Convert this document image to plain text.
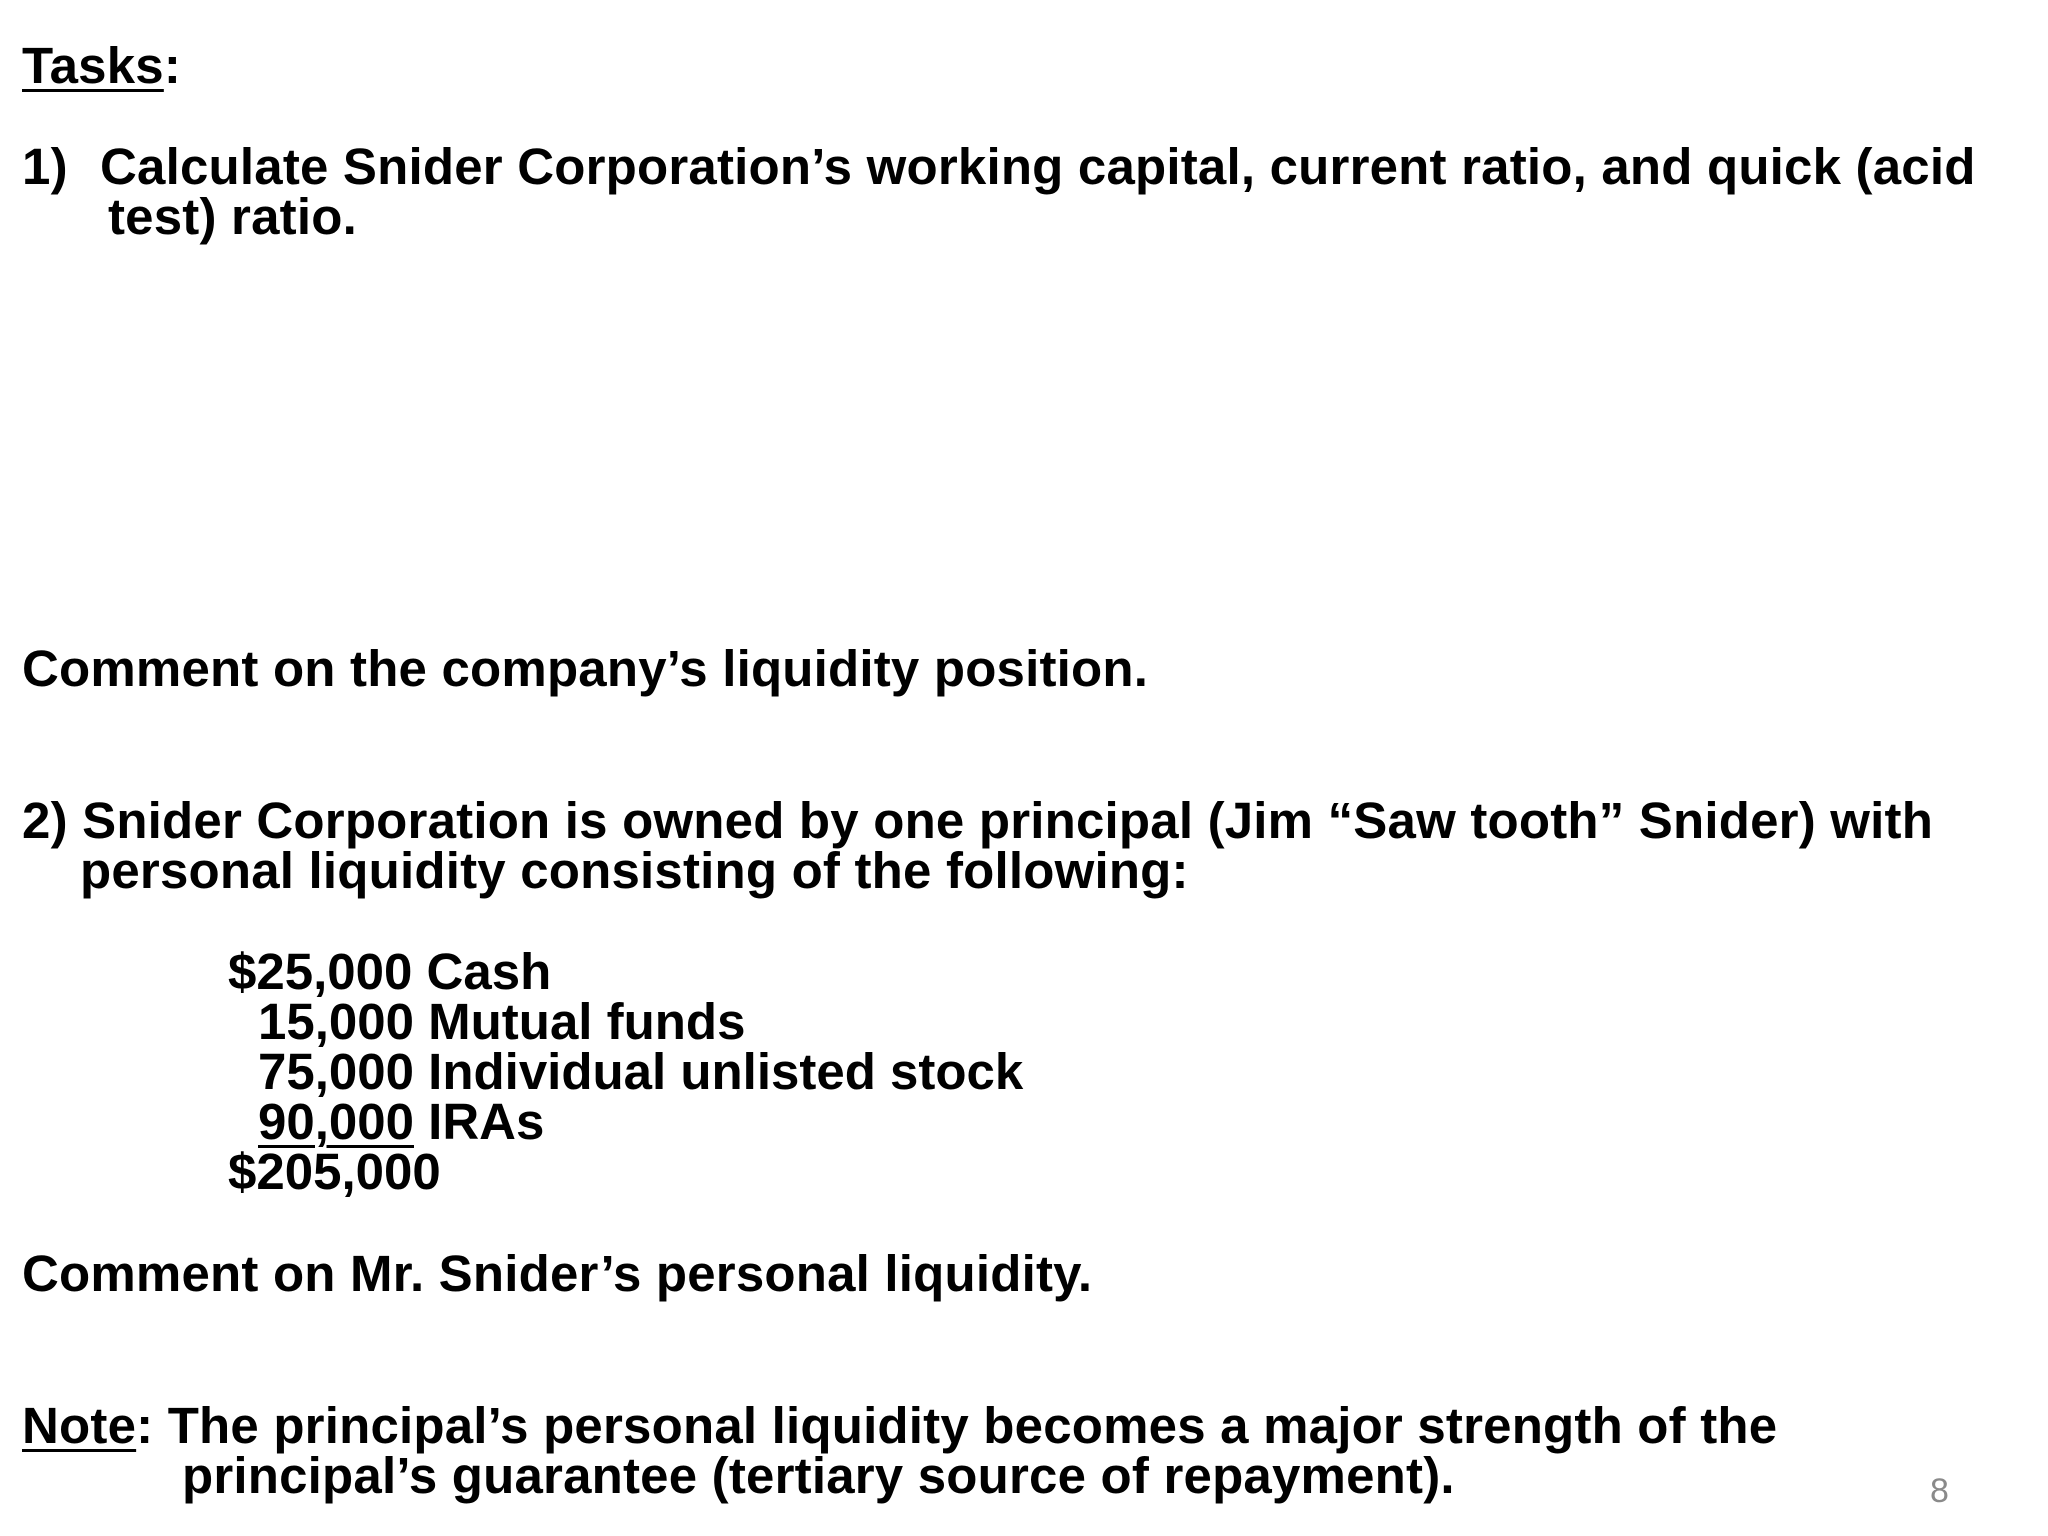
Tasks:
1) Calculate Snider Corporation’s working capital, current ratio, and quick (acid
test) ratio.
Comment on the company’s liquidity position.
2) Snider Corporation is owned by one principal (Jim “Saw tooth” Snider) with
personal liquidity consisting of the following:
$25,000 Cash
15,000 Mutual funds
75,000 Individual unlisted stock
90,000 IRAs
$205,000
Comment on Mr. Snider’s personal liquidity.
Note: The principal’s personal liquidity becomes a major strength of the
principal’s guarantee (tertiary source of repayment).	8
